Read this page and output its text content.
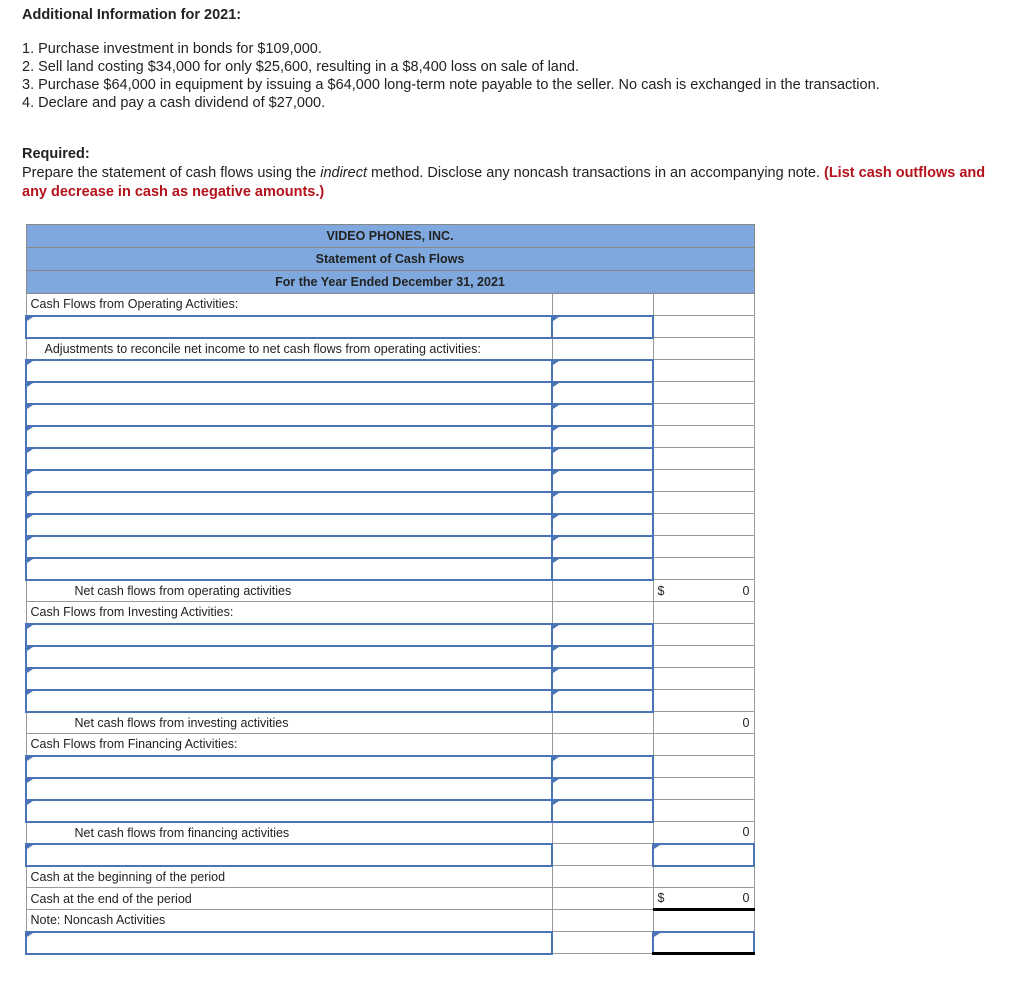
Additional Information for 2021:
1. Purchase investment in bonds for $109,000.
2. Sell land costing $34,000 for only $25,600, resulting in a $8,400 loss on sale of land.
3. Purchase $64,000 in equipment by issuing a $64,000 long-term note payable to the seller. No cash is exchanged in the transaction.
4. Declare and pay a cash dividend of $27,000.
Required:
Prepare the statement of cash flows using the indirect method. Disclose any noncash transactions in an accompanying note. (List cash outflows and any decrease in cash as negative amounts.)
VIDEO PHONES, INC.		
Statement of Cash Flows		
For the Year Ended December 31, 2021		
Cash Flows from Operating Activities:		

Adjustments to reconcile net income to net cash flows from operating activities:		

Net cash flows from operating activities		$ 0
Cash Flows from Investing Activities:		

Net cash flows from investing activities		0
Cash Flows from Financing Activities:		

Net cash flows from financing activities		0

Cash at the beginning of the period		
Cash at the end of the period		$ 0
Note: Noncash Activities		
